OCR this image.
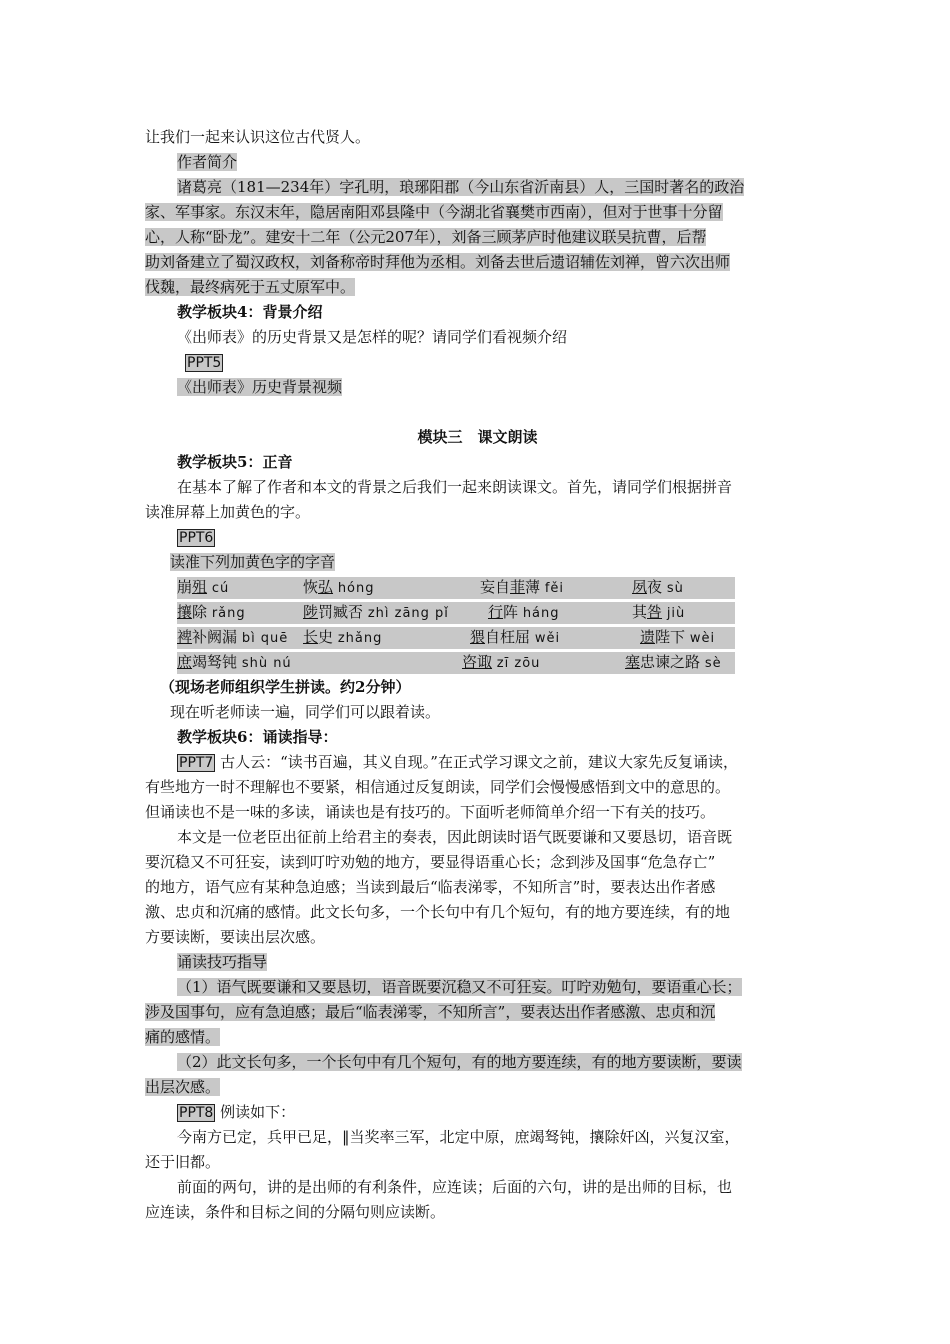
让我们一起来认识这位古代贤人。
作者简介
诸葛亮（181—234年）字孔明，琅琊阳郡（今山东省沂南县）人，三国时著名的政治
家、军事家。东汉末年，隐居南阳邓县隆中（今湖北省襄樊市西南），但对于世事十分留
心，人称“卧龙”。建安十二年（公元207年），刘备三顾茅庐时他建议联吴抗曹，后帮
助刘备建立了蜀汉政权，刘备称帝时拜他为丞相。刘备去世后遗诏辅佐刘禅，曾六次出师
伐魏，最终病死于五丈原军中。
教学板块4：背景介绍
《出师表》的历史背景又是怎样的呢？请同学们看视频介绍
PPT5
《出师表》历史背景视频
模块三　课文朗读
教学板块5：正音
在基本了解了作者和本文的背景之后我们一起来朗读课文。首先，请同学们根据拼音
读准屏幕上加黄色的字。
PPT6
读准下列加黄色字的字音
崩殂 cú	恢弘 hóng	妄自菲薄 fěi	夙夜 sù
攘除 rǎng	陟罚臧否 zhì zāng pǐ	行阵 háng	其咎 jiù
裨补阙漏 bì quē 长史 zhǎng	猥自枉屈 wěi	遗陛下 wèi
庶竭驽钝 shù nú	咨诹 zī zōu	塞忠谏之路 sè
（现场老师组织学生拼读。约2分钟）
现在听老师读一遍，同学们可以跟着读。
教学板块6：诵读指导：
PPT7 古人云：“读书百遍，其义自现。”在正式学习课文之前，建议大家先反复诵读，
有些地方一时不理解也不要紧，相信通过反复朗读，同学们会慢慢感悟到文中的意思的。
但诵读也不是一味的多读，诵读也是有技巧的。下面听老师简单介绍一下有关的技巧。
本文是一位老臣出征前上给君主的奏表，因此朗读时语气既要谦和又要恳切，语音既
要沉稳又不可狂妄，读到叮咛劝勉的地方，要显得语重心长；念到涉及国事“危急存亡”
的地方，语气应有某种急迫感；当读到最后“临表涕零，不知所言”时，要表达出作者感
激、忠贞和沉痛的感情。此文长句多，一个长句中有几个短句，有的地方要连续，有的地
方要读断，要读出层次感。
诵读技巧指导
（1）语气既要谦和又要恳切，语音既要沉稳又不可狂妄。叮咛劝勉句，要语重心长；
涉及国事句，应有急迫感；最后“临表涕零，不知所言”，要表达出作者感激、忠贞和沉
痛的感情。
（2）此文长句多，一个长句中有几个短句，有的地方要连续，有的地方要读断，要读
出层次感。
PPT8 例读如下：
今南方已定，兵甲已足，‖当奖率三军，北定中原，庶竭驽钝，攘除奸凶，兴复汉室，
还于旧都。
前面的两句，讲的是出师的有利条件，应连读；后面的六句，讲的是出师的目标，也
应连读，条件和目标之间的分隔句则应读断。
